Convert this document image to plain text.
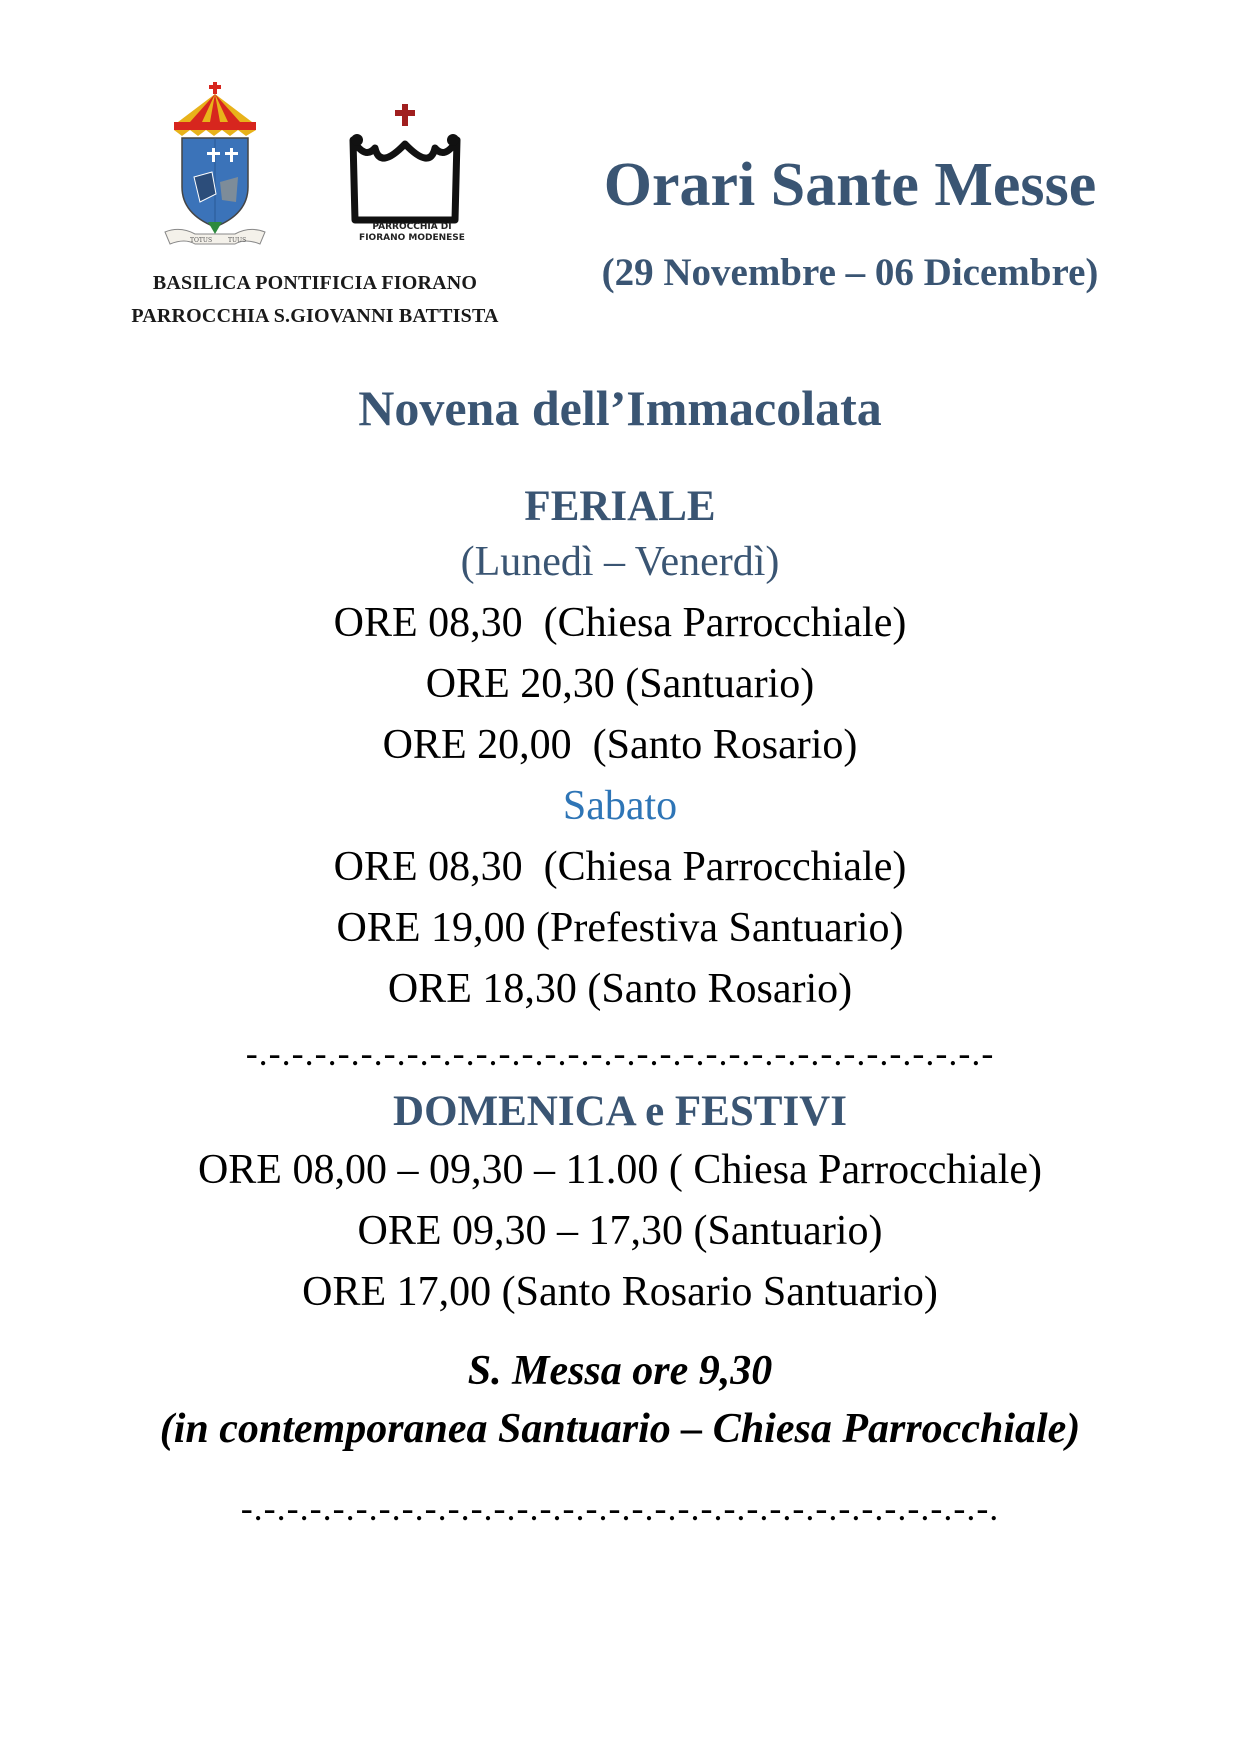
TOTUS	TUUS
PARROCCHIA DI
FIORANO MODENESE
BASILICA PONTIFICIA FIORANO
PARROCCHIA S.GIOVANNI BATTISTA
Orari Sante Messe
(29 Novembre – 06 Dicembre)
Novena dell’Immacolata
FERIALE
(Lunedì – Venerdì)
ORE 08,30  (Chiesa Parrocchiale)
ORE 20,30 (Santuario)
ORE 20,00  (Santo Rosario)
Sabato
ORE 08,30  (Chiesa Parrocchiale)
ORE 19,00 (Prefestiva Santuario)
ORE 18,30 (Santo Rosario)
-.-.-.-.-.-.-.-.-.-.-.-.-.-.-.-.-.-.-.-.-.-.-.-.-.-.-.-.-.-.-.-.-
DOMENICA e FESTIVI
ORE 08,00 – 09,30 – 11.00 ( Chiesa Parrocchiale)
ORE 09,30 – 17,30 (Santuario)
ORE 17,00 (Santo Rosario Santuario)
S. Messa ore 9,30
(in contemporanea Santuario – Chiesa Parrocchiale)
-.-.-.-.-.-.-.-.-.-.-.-.-.-.-.-.-.-.-.-.-.-.-.-.-.-.-.-.-.-.-.-.-.
